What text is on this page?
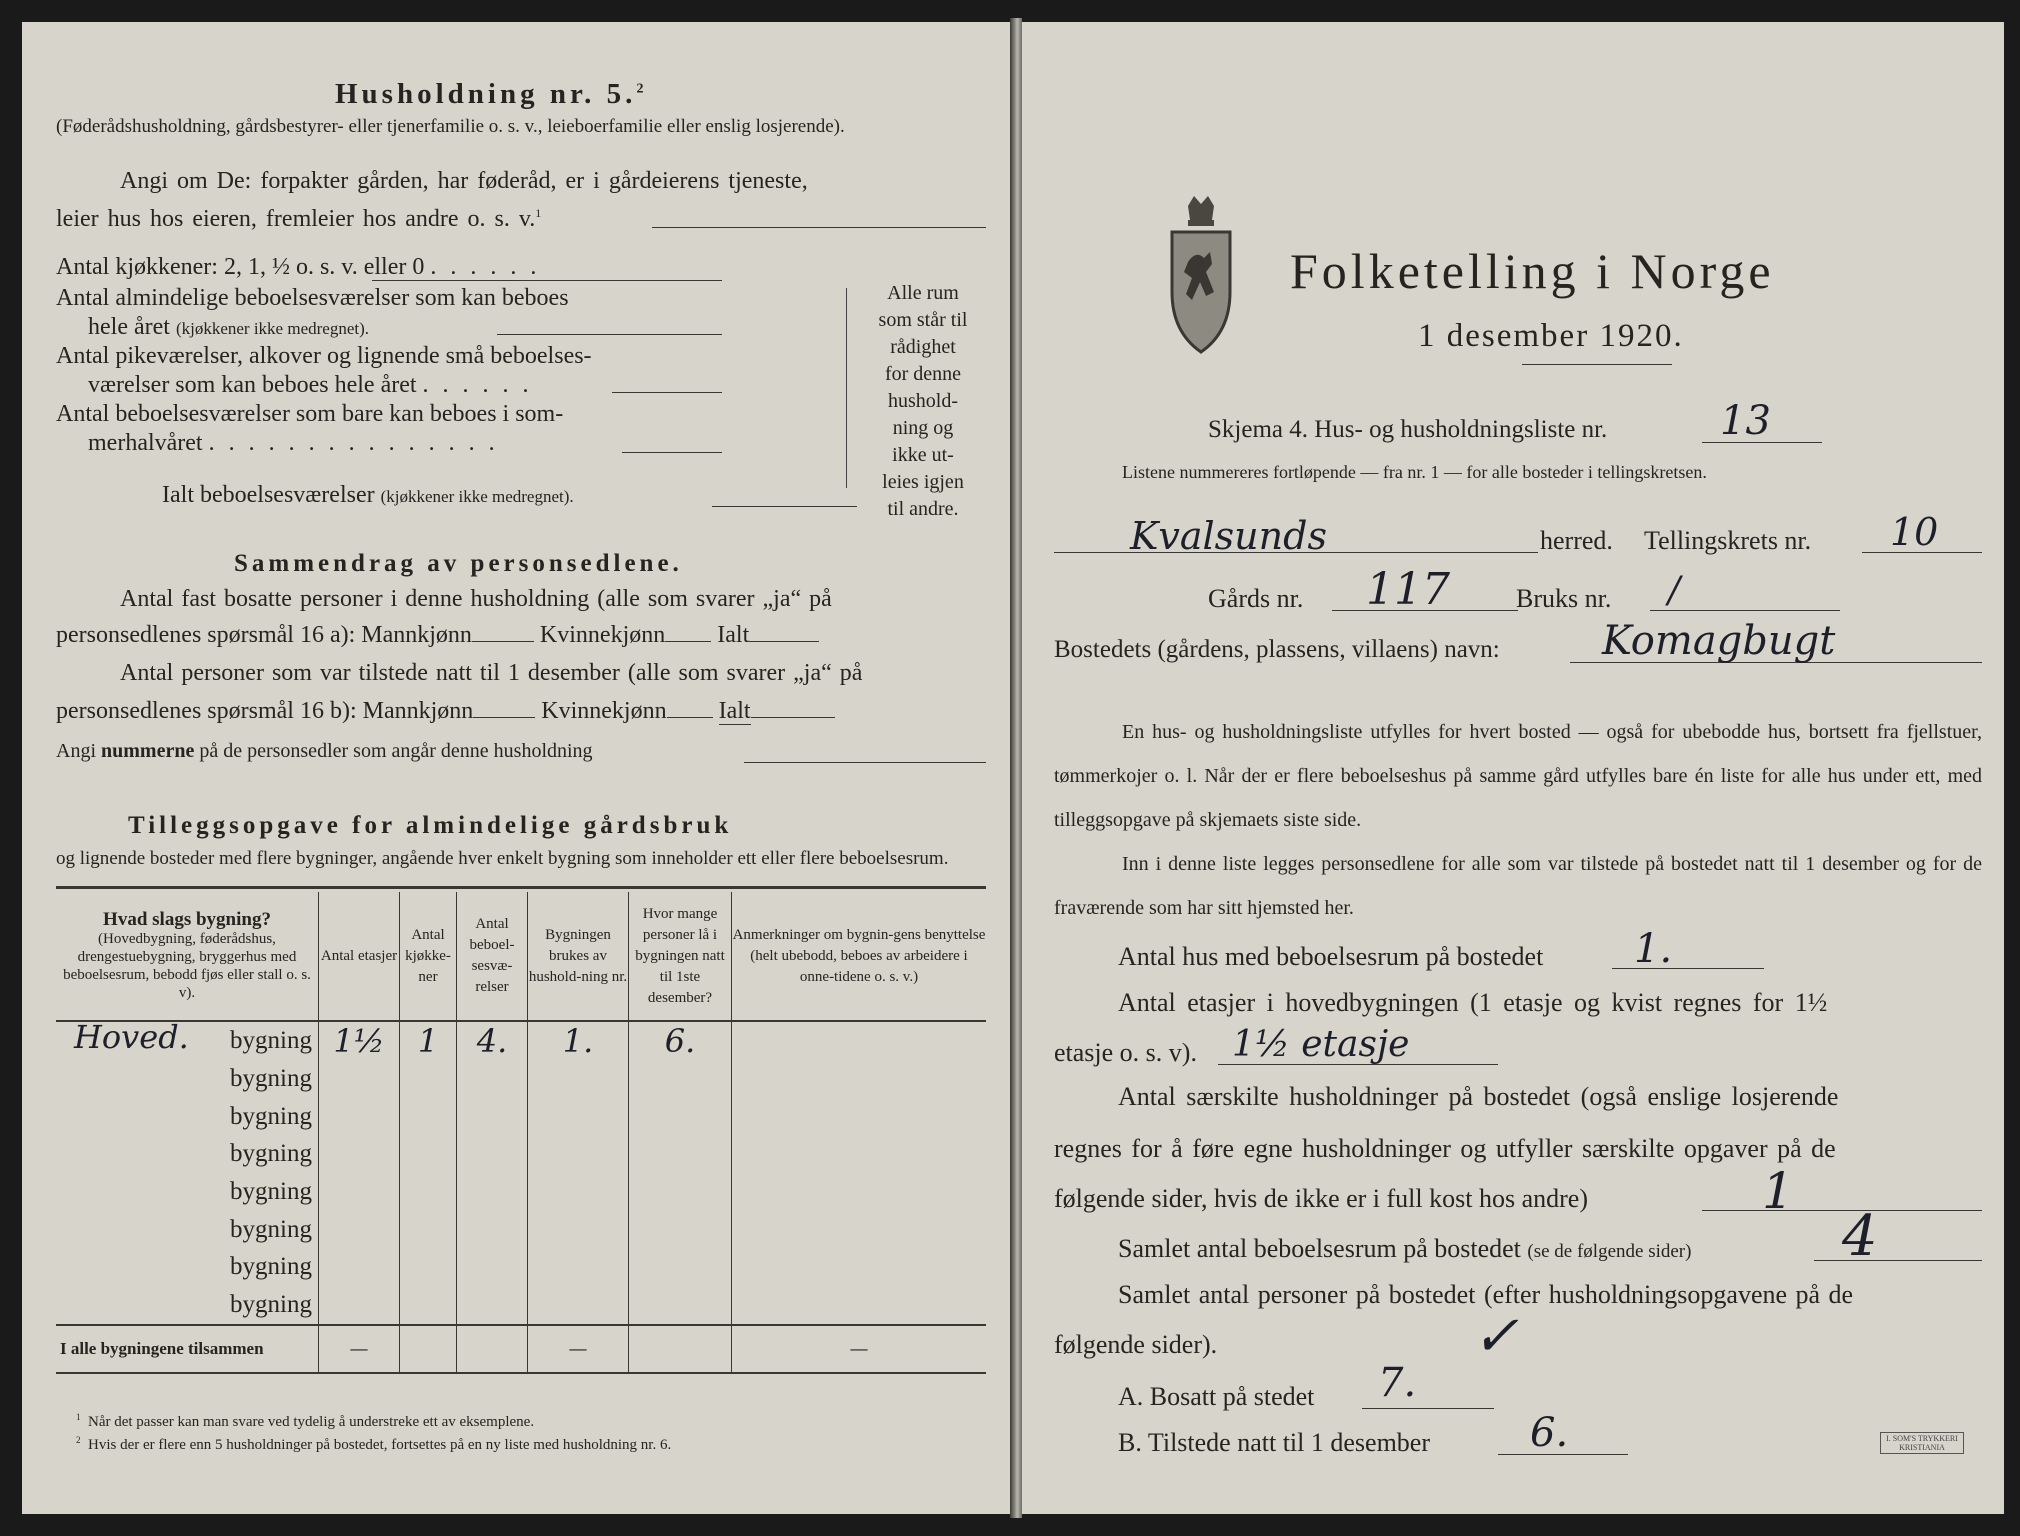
Husholdning nr. 5.$^2$
(Føderådshusholdning, gårdsbestyrer- eller tjenerfamilie o. s. v., leieboerfamilie eller enslig losjerende).
Angi om De: forpakter gården, har føderåd, er i gårdeierens tjeneste,
leier hus hos eieren, fremleier hos andre o. s. v.$^1$
Antal kjøkkener: 2, 1, ½ o. s. v. eller 0 ......
Antal almindelige beboelsesværelser som kan beboes
hele året (kjøkkener ikke medregnet).
Antal pikeværelser, alkover og lignende små beboelses-
værelser som kan beboes hele året ......
Antal beboelsesværelser som bare kan beboes i som-
merhalvåret ...............
Ialt beboelsesværelser (kjøkkener ikke medregnet).
Alle rum
som står til
rådighet
for denne
hushold-
ning og
ikke ut-
leies igjen
til andre.
Sammendrag av personsedlene.
Antal fast bosatte personer i denne husholdning (alle som svarer „ja“ på
personsedlenes spørsmål 16 a): Mannkjønn	Kvinnekjønn Ialt
Antal personer som var tilstede natt til 1 desember (alle som svarer „ja“ på
personsedlenes spørsmål 16 b): Mannkjønn	Kvinnekjønn Ialt
Angi nummerne på de personsedler som angår denne husholdning
Tilleggsopgave for almindelige gårdsbruk
og lignende bosteder med flere bygninger, angående hver enkelt bygning som inneholder ett eller flere beboelsesrum.
Hvad slags bygning?
(Hovedbygning, føderådshus, drengestuebygning, bryggerhus med beboelsesrum, bebodd fjøs eller stall o. s. v).	Antal etasjer	Antal kjøkke-ner	Antal beboel-sesvæ-relser	Bygningen brukes av hushold-ning nr.	Hvor mange personer lå i bygningen natt til 1ste desember?	Anmerkninger om bygnin-gens benyttelse (helt ubebodd, beboes av arbeidere i onne-tidene o. s. v.)

Hoved. bygning	1½	1	4.	1.	6.	
bygning						
bygning						
bygning						
bygning						
bygning						
bygning						
bygning						
I alle bygningene tilsammen	—			—		—
$^1$ Når det passer kan man svare ved tydelig å understreke ett av eksemplene.
$^2$ Hvis der er flere enn 5 husholdninger på bostedet, fortsettes på en ny liste med husholdning nr. 6.
Folketelling i Norge
1 desember 1920.
Skjema 4. Hus- og husholdningsliste nr.	13
Listene nummereres fortløpende — fra nr. 1 — for alle bosteder i tellingskretsen.
Kvalsunds	herred. Tellingskrets nr. 10
Gårds nr. 117	Bruks nr. /
Bostedets (gårdens, plassens, villaens) navn:	Komagbugt
En hus- og husholdningsliste utfylles for hvert bosted — også for ubebodde hus, bortsett fra fjellstuer, tømmerkojer o. l. Når der er flere beboelseshus på samme gård utfylles bare én liste for alle hus under ett, med tilleggsopgave på skjemaets siste side.
Inn i denne liste legges personsedlene for alle som var tilstede på bostedet natt til 1 desember og for de fraværende som har sitt hjemsted her.
Antal hus med beboelsesrum på bostedet 1.
Antal etasjer i hovedbygningen (1 etasje og kvist regnes for 1½
etasje o. s. v). 1½ etasje
Antal særskilte husholdninger på bostedet (også enslige losjerende
regnes for å føre egne husholdninger og utfyller særskilte opgaver på de
følgende sider, hvis de ikke er i full kost hos andre)	1
Samlet antal beboelsesrum på bostedet (se de følgende sider)	4
Samlet antal personer på bostedet (efter husholdningsopgavene på de
følgende sider).	✓
A. Bosatt på stedet 7.
B. Tilstede natt til 1 desember	6.	I. SOM'S TRYKKERI KRISTIANIA
